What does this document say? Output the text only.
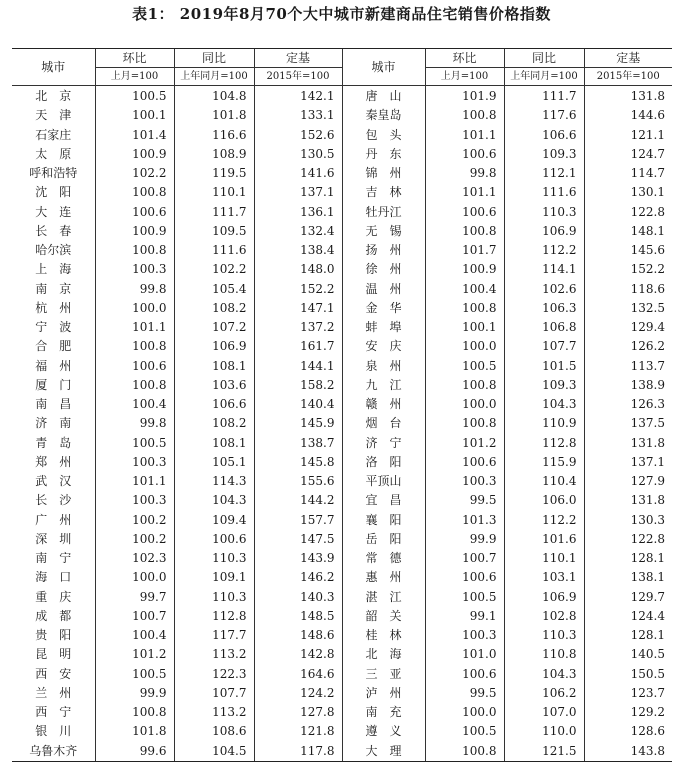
表1： 2019年8月70个大中城市新建商品住宅销售价格指数
城市	环比	同比	定基	城市	环比	同比	定基
	上月=100	上年同月=100	2015年=100		上月=100	上年同月=100	2015年=100
北　京	100.5	104.8	142.1	唐　山	101.9	111.7	131.8
天　津	100.1	101.8	133.1	秦皇岛	100.8	117.6	144.6
石家庄	101.4	116.6	152.6	包　头	101.1	106.6	121.1
太　原	100.9	108.9	130.5	丹　东	100.6	109.3	124.7
呼和浩特	102.2	119.5	141.6	锦　州	99.8	112.1	114.7
沈　阳	100.8	110.1	137.1	吉　林	101.1	111.6	130.1
大　连	100.6	111.7	136.1	牡丹江	100.6	110.3	122.8
长　春	100.9	109.5	132.4	无　锡	100.8	106.9	148.1
哈尔滨	100.8	111.6	138.4	扬　州	101.7	112.2	145.6
上　海	100.3	102.2	148.0	徐　州	100.9	114.1	152.2
南　京	99.8	105.4	152.2	温　州	100.4	102.6	118.6
杭　州	100.0	108.2	147.1	金　华	100.8	106.3	132.5
宁　波	101.1	107.2	137.2	蚌　埠	100.1	106.8	129.4
合　肥	100.8	106.9	161.7	安　庆	100.0	107.7	126.2
福　州	100.6	108.1	144.1	泉　州	100.5	101.5	113.7
厦　门	100.8	103.6	158.2	九　江	100.8	109.3	138.9
南　昌	100.4	106.6	140.4	赣　州	100.0	104.3	126.3
济　南	99.8	108.2	145.9	烟　台	100.8	110.9	137.5
青　岛	100.5	108.1	138.7	济　宁	101.2	112.8	131.8
郑　州	100.3	105.1	145.8	洛　阳	100.6	115.9	137.1
武　汉	101.1	114.3	155.6	平顶山	100.3	110.4	127.9
长　沙	100.3	104.3	144.2	宜　昌	99.5	106.0	131.8
广　州	100.2	109.4	157.7	襄　阳	101.3	112.2	130.3
深　圳	100.2	100.6	147.5	岳　阳	99.9	101.6	122.8
南　宁	102.3	110.3	143.9	常　德	100.7	110.1	128.1
海　口	100.0	109.1	146.2	惠　州	100.6	103.1	138.1
重　庆	99.7	110.3	140.3	湛　江	100.5	106.9	129.7
成　都	100.7	112.8	148.5	韶　关	99.1	102.8	124.4
贵　阳	100.4	117.7	148.6	桂　林	100.3	110.3	128.1
昆　明	101.2	113.2	142.8	北　海	101.0	110.8	140.5
西　安	100.5	122.3	164.6	三　亚	100.6	104.3	150.5
兰　州	99.9	107.7	124.2	泸　州	99.5	106.2	123.7
西　宁	100.8	113.2	127.8	南　充	100.0	107.0	129.2
银　川	101.8	108.6	121.8	遵　义	100.5	110.0	128.6
乌鲁木齐	99.6	104.5	117.8	大　理	100.8	121.5	143.8
